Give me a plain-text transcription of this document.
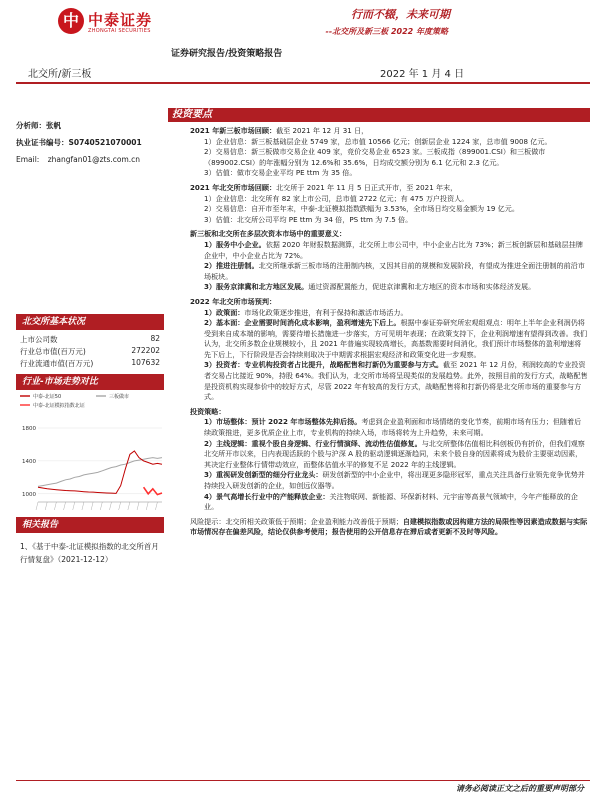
中 中泰证券
ZHONGTAI SECURITIES
行而不辍，未来可期
--北交所及新三板 2022 年度策略
证券研究报告/投资策略报告
北交所/新三板	2022 年 1 月 4 日
分析师：张帆
执业证书编号：S0740521070001
Email: zhangfan01@zts.com.cn
北交所基本状况
上市公司数	82
行业总市值(百万元)	272202
行业流通市值(百万元)	107632
行业-市场走势对比
中泰-北证50	三板做市
中泰-北证模拟指数北证
1000
1400
1800
相关报告
1、《基于中泰-北证模拟指数的北交所首月行情复盘》（2021-12-12）
投资要点
2021 年新三板市场回顾：截至 2021 年 12 月 31 日，
1）企业信息：新三板基础层企业 5749 家，总市值 10566 亿元；创新层企业 1224 家，总市值 9008 亿元。
2）交易信息：新三板做市交易企业 409 家，竞价交易企业 6523 家。三板成指（899001.CSI）和三板做市（899002.CSI）的年涨幅分别为 12.6%和 35.6%，日均成交额分别为 6.1 亿元和 2.3 亿元。
3）估值：做市交易企业平均 PE ttm 为 35 倍。
2021 年北交所市场回顾：北交所于 2021 年 11 月 5 日正式开市，至 2021 年末，
1）企业信息：北交所有 82 家上市公司，总市值 2722 亿元；有 475 万户投资人。
2）交易信息：自开市至年末，中泰-北证模拟指数跌幅为 3.53%，全市场日均交易金额为 19 亿元。
3）估值：北交所公司平均 PE ttm 为 34 倍，PS ttm 为 7.5 倍。
新三板和北交所在多层次资本市场中的重要意义：
1）服务中小企业。依据 2020 年财报数据测算，北交所上市公司中，中小企业占比为 73%；新三板创新层和基础层挂牌企业中，中小企业占比为 72%。
2）推进注册制。北交所继承新三板市场的注册制内核，又因其目前的规模和发展阶段，有望成为推进全面注册制的前沿市场板块。
3）服务京津冀和北方地区发展。通过资源配置能力，促进京津冀和北方地区的资本市场和实体经济发展。
2022 年北交所市场预判：
1）政策面：市场化政策逐步推进，有利于保持和激活市场活力。
2）基本面：企业需要时间消化成本影响，盈利增速先下后上。根据中泰证券研究所宏观组观点：明年上半年企业利润仍将受到来自成本端的影响，需要待增长措施进一步落实，方可见明年表现；在政策支持下，企业利润增速有望得到改善。我们认为，北交所多数企业规模较小，且 2021 年普遍实现较高增长，高基数需要时间消化，我们预计市场整体的盈利增速将先下后上，下行阶段是否会持续则取决于中期需求根据宏观经济和政策变化进一步观察。
3）投资者：专业机构投资者占比提升，战略配售和打新仍为重要参与方式。截至 2021 年 12 月份，利润较高的专业投资者交易占比接近 90%，持股 64%。我们认为，北交所市场将呈现类似的发展趋势。此外，按照目前的发行方式，战略配售是投资机构实现参价中的较好方式，尽管 2022 年有较高的发行方式，战略配售将和打新仍将是北交所市场的重要参与方式。
投资策略：
1）市场整体：预计 2022 年市场整体先抑后扬。考虑到企业盈利面和市场情绪的变化节奏，前期市场有压力；但随着后续政策推进，更多优质企业上市，专业机构的持续入场，市场将转为上升趋势，未来可期。
2）主线逻辑：重视个股自身逻辑、行业行情演绎、流动性估值修复。与北交所整体估值相比科创板仍有折价，但我们观察北交所开市以来，日内表现活跃的个股与沪深 A 股的驱动逻辑逐渐趋同，未来个股自身的因素将成为股价主要驱动因素，其决定行业整体行情带动效应，而整体估值水平的修复不足 2022 年的主线逻辑。
3）重视研发创新型的细分行业龙头：研发创新型的中小企业中，将出现更多隐形冠军，重点关注具备行业领先竞争优势并持续投入研发创新的企业，如创远仪器等。
4）景气高增长行业中的产能释放企业：关注物联网、新能源、环保新材料、元宇宙等高景气领域中，今年产能释放的企业。
风险提示：北交所相关政策低于预期；企业盈利能力改善低于预期；自建模拟指数或因构建方法的局限性等因素造成数据与实际市场情况存在偏差风险，结论仅供参考使用；报告使用的公开信息存在滞后或者更新不及时等风险。
请务必阅读正文之后的重要声明部分
